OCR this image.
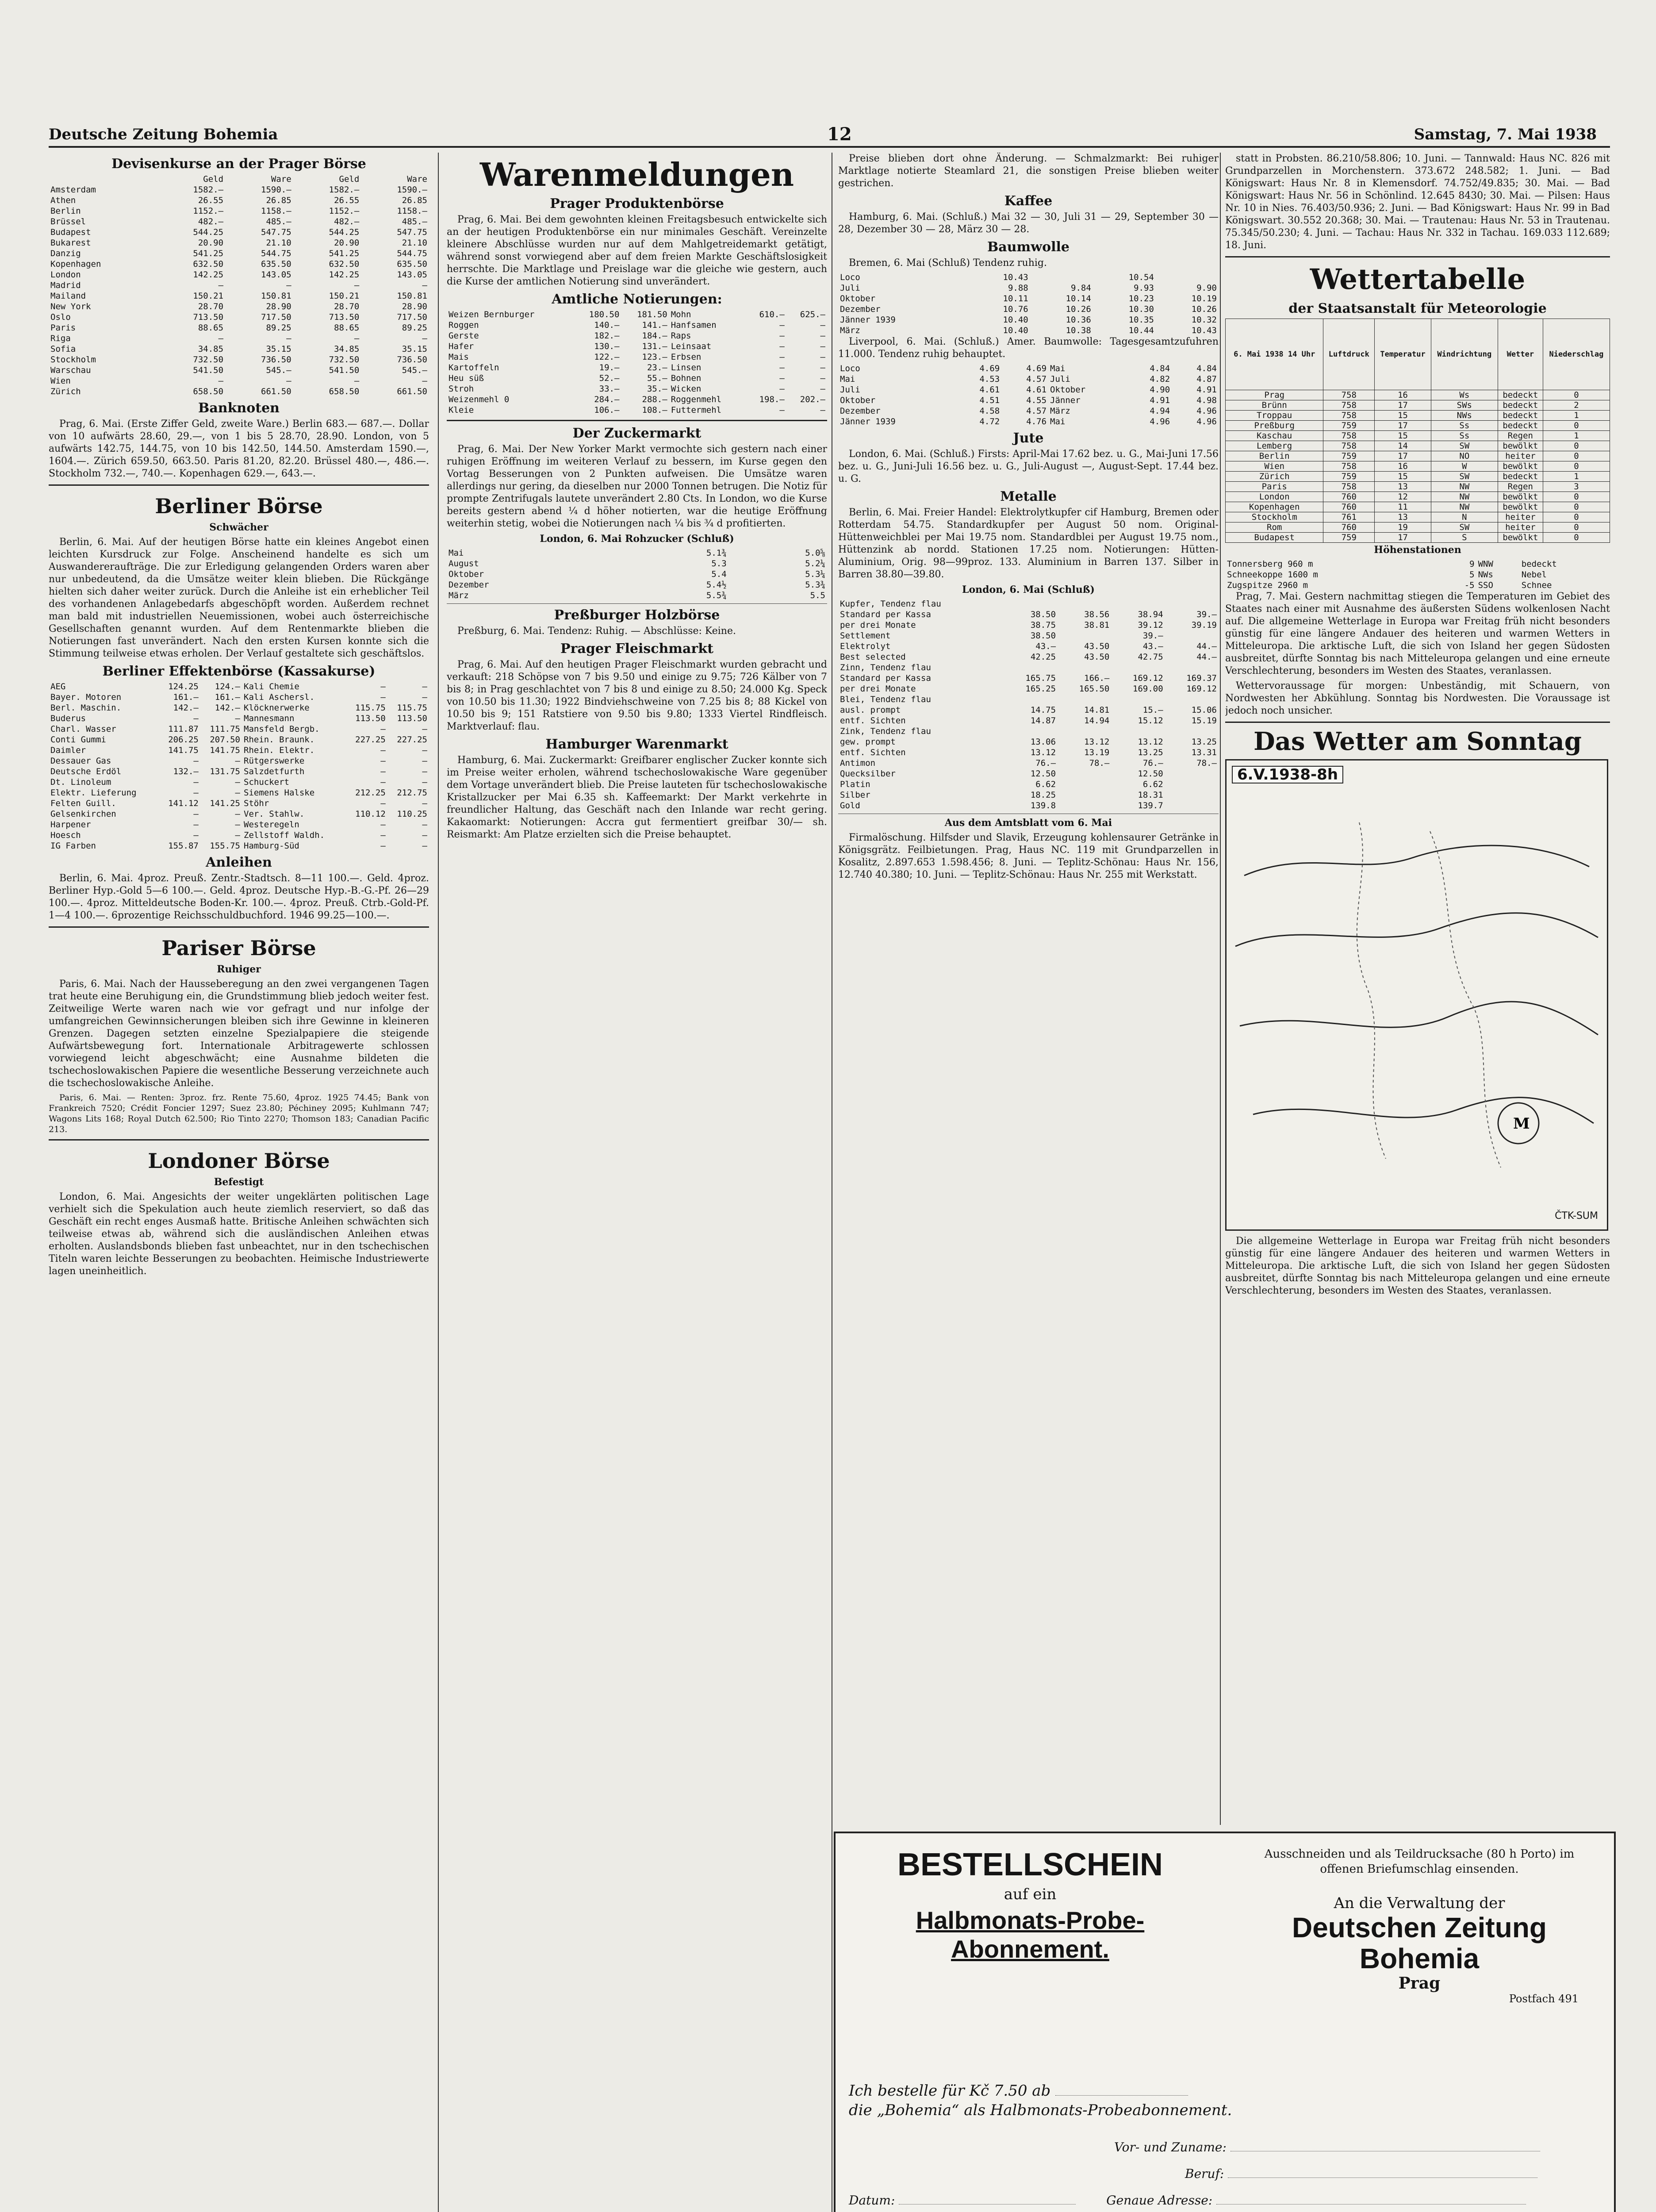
Deutsche Zeitung Bohemia	12	Samstag, 7. Mai 1938
Devisenkurse an der Prager Börse
	Geld	Ware	Geld	Ware
Amsterdam	1582.—	1590.—	1582.—	1590.—
Athen	26.55	26.85	26.55	26.85
Berlin	1152.—	1158.—	1152.—	1158.—
Brüssel	482.—	485.—	482.—	485.—
Budapest	544.25	547.75	544.25	547.75
Bukarest	20.90	21.10	20.90	21.10
Danzig	541.25	544.75	541.25	544.75
Kopenhagen	632.50	635.50	632.50	635.50
London	142.25	143.05	142.25	143.05
Madrid	—	—	—	—
Mailand	150.21	150.81	150.21	150.81
New York	28.70	28.90	28.70	28.90
Oslo	713.50	717.50	713.50	717.50
Paris	88.65	89.25	88.65	89.25
Riga	—	—	—	—
Sofia	34.85	35.15	34.85	35.15
Stockholm	732.50	736.50	732.50	736.50
Warschau	541.50	545.—	541.50	545.—
Wien	—	—	—	—
Zürich	658.50	661.50	658.50	661.50
Banknoten

Prag, 6. Mai. (Erste Ziffer Geld, zweite Ware.) Berlin 683.— 687.—. Dollar von 10 aufwärts 28.60, 29.—, von 1 bis 5 28.70, 28.90. London, von 5 aufwärts 142.75, 144.75, von 10 bis 142.50, 144.50. Amsterdam 1590.—, 1604.—. Zürich 659.50, 663.50. Paris 81.20, 82.20. Brüssel 480.—, 486.—. Stockholm 732.—, 740.—. Kopenhagen 629.—, 643.—.

Berliner Börse
Schwächer

Berlin, 6. Mai. Auf der heutigen Börse hatte ein kleines Angebot einen leichten Kursdruck zur Folge. Anscheinend handelte es sich um Auswandereraufträge. Die zur Erledigung gelangenden Orders waren aber nur unbedeutend, da die Umsätze weiter klein blieben. Die Rückgänge hielten sich daher weiter zurück. Durch die Anleihe ist ein erheblicher Teil des vorhandenen Anlagebedarfs abgeschöpft worden. Außerdem rechnet man bald mit industriellen Neuemissionen, wobei auch österreichische Gesellschaften genannt wurden. Auf dem Rentenmarkte blieben die Notierungen fast unverändert. Nach den ersten Kursen konnte sich die Stimmung teilweise etwas erholen. Der Verlauf gestaltete sich geschäftslos.

Berliner Effektenbörse (Kassakurse)
AEG	124.25	124.—	Kali Chemie	—	—
Bayer. Motoren	161.—	161.—	Kali Aschersl.	—	—
Berl. Maschin.	142.—	142.—	Klöcknerwerke	115.75	115.75
Buderus	—	—	Mannesmann	113.50	113.50
Charl. Wasser	111.87	111.75	Mansfeld Bergb.	—	—
Conti Gummi	206.25	207.50	Rhein. Braunk.	227.25	227.25
Daimler	141.75	141.75	Rhein. Elektr.	—	—
Dessauer Gas	—	—	Rütgerswerke	—	—
Deutsche Erdöl	132.—	131.75	Salzdetfurth	—	—
Dt. Linoleum	—	—	Schuckert	—	—
Elektr. Lieferung	—	—	Siemens Halske	212.25	212.75
Felten Guill.	141.12	141.25	Stöhr	—	—
Gelsenkirchen	—	—	Ver. Stahlw.	110.12	110.25
Harpener	—	—	Westeregeln	—	—
Hoesch	—	—	Zellstoff Waldh.	—	—
IG Farben	155.87	155.75	Hamburg-Süd	—	—
Anleihen

Berlin, 6. Mai. 4proz. Preuß. Zentr.-Stadtsch. 8—11 100.—. Geld. 4proz. Berliner Hyp.-Gold 5—6 100.—. Geld. 4proz. Deutsche Hyp.-B.-G.-Pf. 26—29 100.—. 4proz. Mitteldeutsche Boden-Kr. 100.—. 4proz. Preuß. Ctrb.-Gold-Pf. 1—4 100.—. 6prozentige Reichsschuldbuchford. 1946 99.25—100.—.

Pariser Börse
Ruhiger

Paris, 6. Mai. Nach der Hausseberegung an den zwei vergangenen Tagen trat heute eine Beruhigung ein, die Grundstimmung blieb jedoch weiter fest. Zeitweilige Werte waren nach wie vor gefragt und nur infolge der umfangreichen Gewinnsicherungen bleiben sich ihre Gewinne in kleineren Grenzen. Dagegen setzten einzelne Spezialpapiere die steigende Aufwärtsbewegung fort. Internationale Arbitragewerte schlossen vorwiegend leicht abgeschwächt; eine Ausnahme bildeten die tschechoslowakischen Papiere die wesentliche Besserung verzeichnete auch die tschechoslowakische Anleihe.

Paris, 6. Mai. — Renten: 3proz. frz. Rente 75.60, 4proz. 1925 74.45; Bank von Frankreich 7520; Crédit Foncier 1297; Suez 23.80; Péchiney 2095; Kuhlmann 747; Wagons Lits 168; Royal Dutch 62.500; Rio Tinto 2270; Thomson 183; Canadian Pacific 213.

Londoner Börse
Befestigt

London, 6. Mai. Angesichts der weiter ungeklärten politischen Lage verhielt sich die Spekulation auch heute ziemlich reserviert, so daß das Geschäft ein recht enges Ausmaß hatte. Britische Anleihen schwächten sich teilweise etwas ab, während sich die ausländischen Anleihen etwas erholten. Auslandsbonds blieben fast unbeachtet, nur in den tschechischen Titeln waren leichte Besserungen zu beobachten. Heimische Industriewerte lagen uneinheitlich.

Warenmeldungen
Prager Produktenbörse

Prag, 6. Mai. Bei dem gewohnten kleinen Freitagsbesuch entwickelte sich an der heutigen Produktenbörse ein nur minimales Geschäft. Vereinzelte kleinere Abschlüsse wurden nur auf dem Mahlgetreidemarkt getätigt, während sonst vorwiegend aber auf dem freien Markte Geschäftslosigkeit herrschte. Die Marktlage und Preislage war die gleiche wie gestern, auch die Kurse der amtlichen Notierung sind unverändert.

Amtliche Notierungen:
Weizen Bernburger	180.50	181.50	Mohn	610.—	625.—
Roggen	140.—	141.—	Hanfsamen	—	—
Gerste	182.—	184.—	Raps	—	—
Hafer	130.—	131.—	Leinsaat	—	—
Mais	122.—	123.—	Erbsen	—	—
Kartoffeln	19.—	23.—	Linsen	—	—
Heu süß	52.—	55.—	Bohnen	—	—
Stroh	33.—	35.—	Wicken	—	—
Weizenmehl 0	284.—	288.—	Roggenmehl	198.—	202.—
Kleie	106.—	108.—	Futtermehl	—	—
Der Zuckermarkt

Prag, 6. Mai. Der New Yorker Markt vermochte sich gestern nach einer ruhigen Eröffnung im weiteren Verlauf zu bessern, im Kurse gegen den Vortag Besserungen von 2 Punkten aufweisen. Die Umsätze waren allerdings nur gering, da dieselben nur 2000 Tonnen betrugen. Die Notiz für prompte Zentrifugals lautete unverändert 2.80 Cts. In London, wo die Kurse bereits gestern abend ¼ d höher notierten, war die heutige Eröffnung weiterhin stetig, wobei die Notierungen nach ¼ bis ¾ d profitierten.

London, 6. Mai Rohzucker (Schluß)
Mai	5.1¾	5.0⅝
August	5.3	5.2¼
Oktober	5.4	5.3¼
Dezember	5.4½	5.3¾
März	5.5¾	5.5
Preßburger Holzbörse

Preßburg, 6. Mai. Tendenz: Ruhig. — Abschlüsse: Keine.

Prager Fleischmarkt

Prag, 6. Mai. Auf den heutigen Prager Fleischmarkt wurden gebracht und verkauft: 218 Schöpse von 7 bis 9.50 und einige zu 9.75; 726 Kälber von 7 bis 8; in Prag geschlachtet von 7 bis 8 und einige zu 8.50; 24.000 Kg. Speck von 10.50 bis 11.30; 1922 Bindviehschweine von 7.25 bis 8; 88 Kickel von 10.50 bis 9; 151 Ratstiere von 9.50 bis 9.80; 1333 Viertel Rindfleisch. Marktverlauf: flau.

Hamburger Warenmarkt

Hamburg, 6. Mai. Zuckermarkt: Greifbarer englischer Zucker konnte sich im Preise weiter erholen, während tschechoslowakische Ware gegenüber dem Vortage unverändert blieb. Die Preise lauteten für tschechoslowakische Kristallzucker per Mai 6.35 sh. Kaffeemarkt: Der Markt verkehrte in freundlicher Haltung, das Geschäft nach den Inlande war recht gering. Kakaomarkt: Notierungen: Accra gut fermentiert greifbar 30/— sh. Reismarkt: Am Platze erzielten sich die Preise behauptet.

Preise blieben dort ohne Änderung. — Schmalzmarkt: Bei ruhiger Marktlage notierte Steamlard 21, die sonstigen Preise blieben weiter gestrichen.

Kaffee

Hamburg, 6. Mai. (Schluß.) Mai 32 — 30, Juli 31 — 29, September 30 — 28, Dezember 30 — 28, März 30 — 28.

Baumwolle

Bremen, 6. Mai (Schluß) Tendenz ruhig.

Loco	10.43		10.54	
Juli	9.88	9.84	9.93	9.90
Oktober	10.11	10.14	10.23	10.19
Dezember	10.76	10.26	10.30	10.26
Jänner 1939	10.40	10.36	10.35	10.32
März	10.40	10.38	10.44	10.43

Liverpool, 6. Mai. (Schluß.) Amer. Baumwolle: Tagesgesamtzufuhren 11.000. Tendenz ruhig behauptet.

Loco	4.69	4.69	Mai	4.84	4.84
Mai	4.53	4.57	Juli	4.82	4.87
Juli	4.61	4.61	Oktober	4.90	4.91
Oktober	4.51	4.55	Jänner	4.91	4.98
Dezember	4.58	4.57	März	4.94	4.96
Jänner 1939	4.72	4.76	Mai	4.96	4.96
Jute

London, 6. Mai. (Schluß.) Firsts: April-Mai 17.62 bez. u. G., Mai-Juni 17.56 bez. u. G., Juni-Juli 16.56 bez. u. G., Juli-August —, August-Sept. 17.44 bez. u. G.

Metalle

Berlin, 6. Mai. Freier Handel: Elektrolytkupfer cif Hamburg, Bremen oder Rotterdam 54.75. Standardkupfer per August 50 nom. Original-Hüttenweichblei per Mai 19.75 nom. Standardblei per August 19.75 nom., Hüttenzink ab nordd. Stationen 17.25 nom. Notierungen: Hütten-Aluminium, Orig. 98—99proz. 133. Aluminium in Barren 137. Silber in Barren 38.80—39.80.

London, 6. Mai (Schluß)
Kupfer, Tendenz flau				
Standard per Kassa	38.50	38.56	38.94	39.—
per drei Monate	38.75	38.81	39.12	39.19
Settlement	38.50		39.—	
Elektrolyt	43.—	43.50	43.—	44.—
Best selected	42.25	43.50	42.75	44.—
Zinn, Tendenz flau				
Standard per Kassa	165.75	166.—	169.12	169.37
per drei Monate	165.25	165.50	169.00	169.12
Blei, Tendenz flau				
ausl. prompt	14.75	14.81	15.—	15.06
entf. Sichten	14.87	14.94	15.12	15.19
Zink, Tendenz flau				
gew. prompt	13.06	13.12	13.12	13.25
entf. Sichten	13.12	13.19	13.25	13.31
Antimon	76.—	78.—	76.—	78.—
Quecksilber	12.50		12.50	
Platin	6.62		6.62	
Silber	18.25		18.31	
Gold	139.8		139.7	
Aus dem Amtsblatt vom 6. Mai

Firmalöschung. Hilfsder und Slavik, Erzeugung kohlensaurer Getränke in Königsgrätz. Feilbietungen. Prag, Haus NC. 119 mit Grundparzellen in Kosalitz, 2.897.653 1.598.456; 8. Juni. — Teplitz-Schönau: Haus Nr. 156, 12.740 40.380; 10. Juni. — Teplitz-Schönau: Haus Nr. 255 mit Werkstatt.

statt in Probsten. 86.210/58.806; 10. Juni. — Tannwald: Haus NC. 826 mit Grundparzellen in Morchenstern. 373.672 248.582; 1. Juni. — Bad Königswart: Haus Nr. 8 in Klemensdorf. 74.752/49.835; 30. Mai. — Bad Königswart: Haus Nr. 56 in Schönlind. 12.645 8430; 30. Mai. — Pilsen: Haus Nr. 10 in Nies. 76.403/50.936; 2. Juni. — Bad Königswart: Haus Nr. 99 in Bad Königswart. 30.552 20.368; 30. Mai. — Trautenau: Haus Nr. 53 in Trautenau. 75.345/50.230; 4. Juni. — Tachau: Haus Nr. 332 in Tachau. 169.033 112.689; 18. Juni.

Wettertabelle
der Staatsanstalt für Meteorologie
6. Mai 1938 14 Uhr	Luftdruck	Temperatur	Windrichtung	Wetter	Niederschlag
Prag	758	16	Ws	bedeckt	0
Brünn	758	17	SWs	bedeckt	2
Troppau	758	15	NWs	bedeckt	1
Preßburg	759	17	Ss	bedeckt	0
Kaschau	758	15	Ss	Regen	1
Lemberg	758	14	SW	bewölkt	0
Berlin	759	17	NO	heiter	0
Wien	758	16	W	bewölkt	0
Zürich	759	15	SW	bedeckt	1
Paris	758	13	NW	Regen	3
London	760	12	NW	bewölkt	0
Kopenhagen	760	11	NW	bewölkt	0
Stockholm	761	13	N	heiter	0
Rom	760	19	SW	heiter	0
Budapest	759	17	S	bewölkt	0
Höhenstationen
Tonnersberg 960 m	9	WNW	bedeckt
Schneekoppe 1600 m	5	NWs	Nebel
Zugspitze 2960 m	-5	SSO	Schnee

Prag, 7. Mai. Gestern nachmittag stiegen die Temperaturen im Gebiet des Staates nach einer mit Ausnahme des äußersten Südens wolkenlosen Nacht auf. Die allgemeine Wetterlage in Europa war Freitag früh nicht besonders günstig für eine längere Andauer des heiteren und warmen Wetters in Mitteleuropa. Die arktische Luft, die sich von Island her gegen Südosten ausbreitet, dürfte Sonntag bis nach Mitteleuropa gelangen und eine erneute Verschlechterung, besonders im Westen des Staates, veranlassen.

Wettervoraussage für morgen: Unbeständig, mit Schauern, von Nordwesten her Abkühlung. Sonntag bis Nordwesten. Die Voraussage ist jedoch noch unsicher.

Das Wetter am Sonntag
M
6.V.1938-8h
ČTK-SUM

Die allgemeine Wetterlage in Europa war Freitag früh nicht besonders günstig für eine längere Andauer des heiteren und warmen Wetters in Mitteleuropa. Die arktische Luft, die sich von Island her gegen Südosten ausbreitet, dürfte Sonntag bis nach Mitteleuropa gelangen und eine erneute Verschlechterung, besonders im Westen des Staates, veranlassen.

BESTELLSCHEIN
auf ein
Halbmonats-Probe-Abonnement.
Ausschneiden und als Teildrucksache (80 h Porto) im offenen Briefumschlag einsenden.
An die Verwaltung der
Deutschen Zeitung Bohemia
Prag
Postfach 491
Ich bestelle für Kč 7.50 ab
die „Bohemia“ als Halbmonats-Probeabonnement.
Vor- und Zuname:
Beruf:
Datum:	Genaue Adresse:
